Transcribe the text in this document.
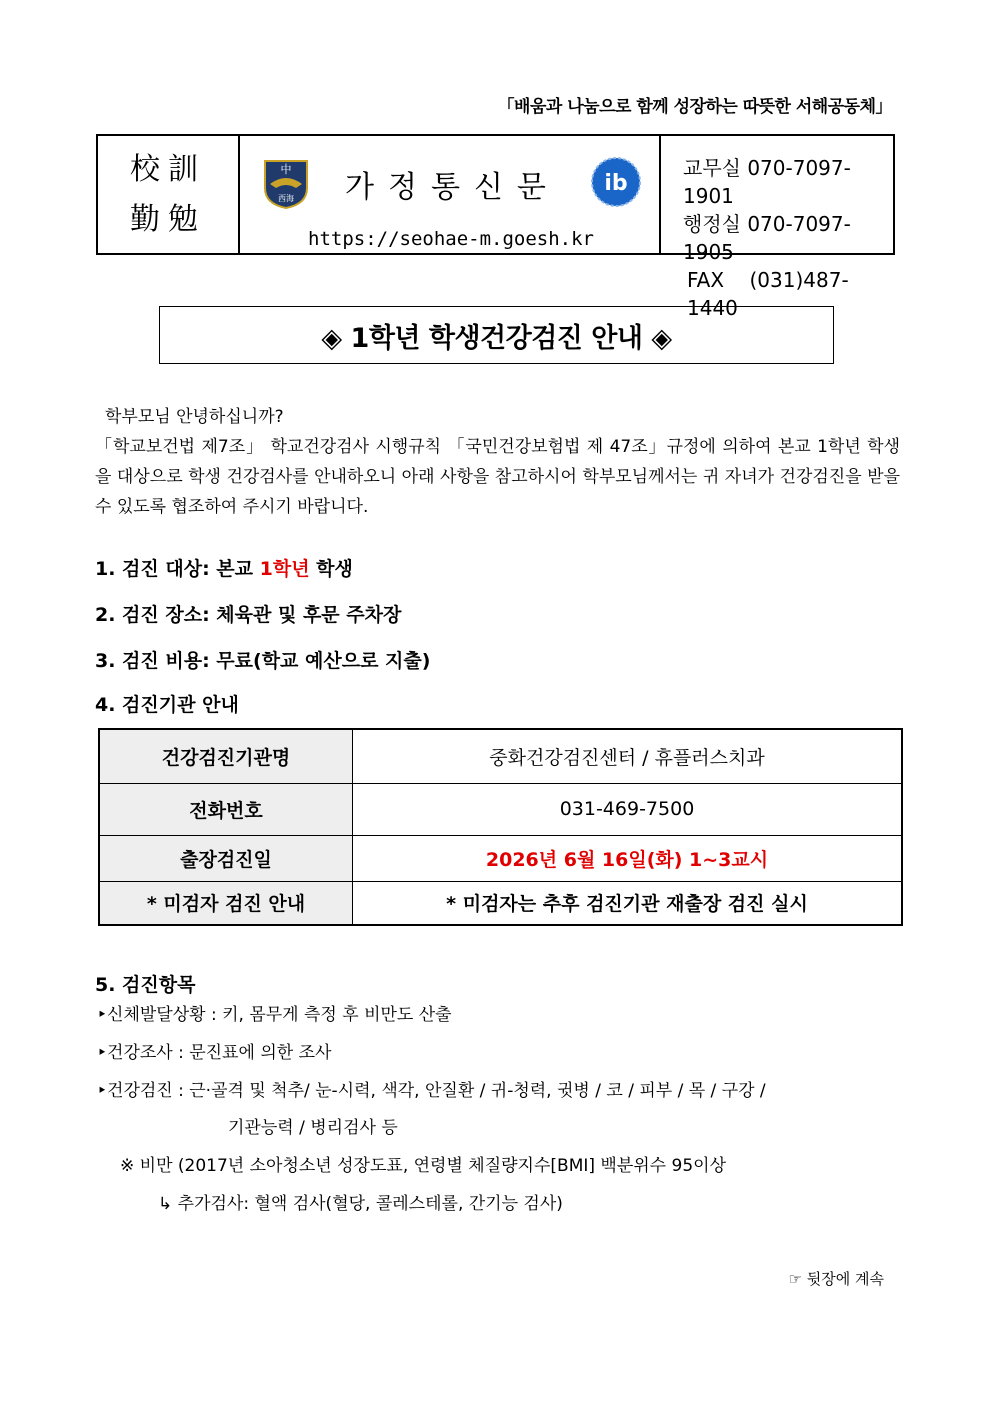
「배움과 나눔으로 함께 성장하는 따뜻한 서해공동체」
校訓
勤勉
中
西海 가정통신문 ib
https://seohae-m.goesh.kr
교무실 070-7097-1901
행정실 070-7097-1905
FAX (031)487-1440
◈ 1학년 학생건강검진 안내 ◈

학부모님 안녕하십니까?

「학교보건법 제7조」 학교건강검사 시행규칙 「국민건강보험법 제 47조」규정에 의하여 본교 1학년 학생을 대상으로 학생 건강검사를 안내하오니 아래 사항을 참고하시어 학부모님께서는 귀 자녀가 건강검진을 받을 수 있도록 협조하여 주시기 바랍니다.

1. 검진 대상: 본교 1학년 학생
2. 검진 장소: 체육관 및 후문 주차장
3. 검진 비용: 무료(학교 예산으로 지출)
4. 검진기관 안내
건강검진기관명	중화건강검진센터 / 휴플러스치과
전화번호	031-469-7500
출장검진일	2026년 6월 16일(화) 1~3교시
* 미검자 검진 안내	* 미검자는 추후 검진기관 재출장 검진 실시
5. 검진항목
‣신체발달상황 : 키, 몸무게 측정 후 비만도 산출
‣건강조사 : 문진표에 의한 조사
‣건강검진 : 근·골격 및 척추/ 눈-시력, 색각, 안질환 / 귀-청력, 귓병 / 코 / 피부 / 목 / 구강 /
기관능력 / 병리검사 등
※ 비만 (2017년 소아청소년 성장도표, 연령별 체질량지수[BMI] 백분위수 95이상
↳ 추가검사: 혈액 검사(혈당, 콜레스테롤, 간기능 검사)
☞ 뒷장에 계속
